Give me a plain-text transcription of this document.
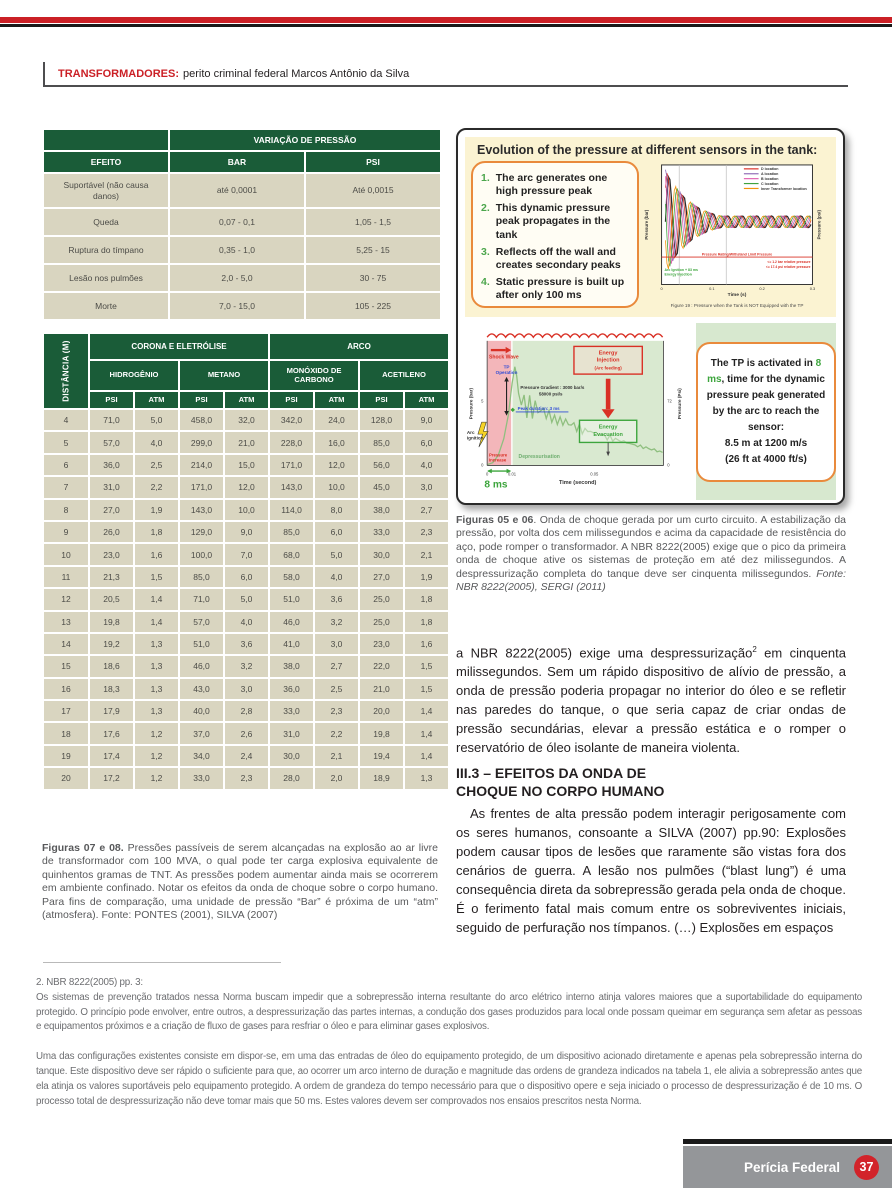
TRANSFORMADORES: perito criminal federal Marcos Antônio da Silva
	VARIAÇÃO DE PRESSÃO	
EFEITO	BAR	PSI
Suportável (não causa danos)	até 0,0001	Até 0,0015
Queda	0,07 - 0,1	1,05 - 1,5
Ruptura do tímpano	0,35 - 1,0	5,25 - 15
Lesão nos pulmões	2,0 - 5,0	30 - 75
Morte	7,0 - 15,0	105 - 225
DISTÂNCIA (M)	CORONA E ELETRÓLISE				ARCO			
	HIDROGÊNIO		METANO		MONÓXIDO DE CARBONO		ACETILENO	
	PSI	ATM	PSI	ATM	PSI	ATM	PSI	ATM
4	71,0	5,0	458,0	32,0	342,0	24,0	128,0	9,0
5	57,0	4,0	299,0	21,0	228,0	16,0	85,0	6,0
6	36,0	2,5	214,0	15,0	171,0	12,0	56,0	4,0
7	31,0	2,2	171,0	12,0	143,0	10,0	45,0	3,0
8	27,0	1,9	143,0	10,0	114,0	8,0	38,0	2,7
9	26,0	1,8	129,0	9,0	85,0	6,0	33,0	2,3
10	23,0	1,6	100,0	7,0	68,0	5,0	30,0	2,1
11	21,3	1,5	85,0	6,0	58,0	4,0	27,0	1,9
12	20,5	1,4	71,0	5,0	51,0	3,6	25,0	1,8
13	19,8	1,4	57,0	4,0	46,0	3,2	25,0	1,8
14	19,2	1,3	51,0	3,6	41,0	3,0	23,0	1,6
15	18,6	1,3	46,0	3,2	38,0	2,7	22,0	1,5
16	18,3	1,3	43,0	3,0	36,0	2,5	21,0	1,5
17	17,9	1,3	40,0	2,8	33,0	2,3	20,0	1,4
18	17,6	1,2	37,0	2,6	31,0	2,2	19,8	1,4
19	17,4	1,2	34,0	2,4	30,0	2,1	19,4	1,4
20	17,2	1,2	33,0	2,3	28,0	2,0	18,9	1,3

Figuras 07 e 08. Pressões passíveis de serem alcançadas na explosão ao ar livre de transformador com 100 MVA, o qual pode ter carga explosiva equivalente de quinhentos gramas de TNT. As pressões podem aumentar ainda mais se ocorrerem em ambiente confinado. Notar os efeitos da onda de choque sobre o corpo humano. Para fins de comparação, uma unidade de pressão “Bar” é próxima de um “atm” (atmosfera). Fonte: PONTES (2001), SILVA (2007)

Evolution of the pressure at different sensors in the tank:
1. The arc generates one high pressure peak
2. This dynamic pressure peak propagates in the tank
3. Reflects off the wall and creates secondary peaks
4. Static pressure is built up after only 100 ms
Pressure Rating/Withstand Limit Pressure
<= 1.2 bar relative pressure
<= 17.4 psi relative pressure
Arc Ignition + 83 ms
Energy Injection
D location
A location
B location
C location
Inner Transformer location
0	0.1	0.2	0.3
Time (s)
Pressure (bar)	Pressure (psi)
Figure 19 : Pressure when the Tank is NOT Equipped with the TP
Shock Wave
TP
Operation
Pressure Gradient : 3000 bar/s
58000 psi/s
Peak duration: 3 ms
Energy
Injection
(Arc feeding)
Energy
Evacuation
Arc
Ignition
Pressure
Increase Depressurisation
8 ms
0	0.01	0.05
Time (second)
5
0
72
0
Pressure (bar)	Pressure (Psi)
The TP is activated in 8 ms, time for the dynamic pressure peak generated by the arc to reach the sensor:
8.5 m at 1200 m/s
(26 ft at 4000 ft/s)

Figuras 05 e 06. Onda de choque gerada por um curto circuito. A estabilização da pressão, por volta dos cem milissegundos e acima da capacidade de resistência do aço, pode romper o transformador. A NBR 8222(2005) exige que o pico da primeira onda de choque ative os sistemas de proteção em até dez milissegundos. A despressurização completa do tanque deve ser cinquenta milissegundos. Fonte: NBR 8222(2005), SERGI (2011)

a NBR 8222(2005) exige uma despressurização$^2$ em cinquenta milissegundos. Sem um rápido dispositivo de alívio de pressão, a onda de pressão poderia propagar no interior do óleo e se refletir nas paredes do tanque, o que seria capaz de criar ondas de pressão secundárias, elevar a pressão estática e o romper o reservatório de óleo isolante de maneira violenta.

III.3 – EFEITOS DA ONDA DE
CHOQUE NO CORPO HUMANO

As frentes de alta pressão podem interagir perigosamente com os seres humanos, consoante a SILVA (2007) pp.90: Explosões podem causar tipos de lesões que raramente são vistas fora dos cenários de guerra. A lesão nos pulmões (“blast lung”) é uma consequência direta da sobrepressão gerada pela onda de choque. É o ferimento fatal mais comum entre os sobreviventes iniciais, seguido de perfuração nos tímpanos. (…) Explosões em espaços

2. NBR 8222(2005) pp. 3:

Os sistemas de prevenção tratados nessa Norma buscam impedir que a sobrepressão interna resultante do arco elétrico interno atinja valores maiores que a suportabilidade do equipamento protegido. O princípio pode envolver, entre outros, a despressurização das partes internas, a condução dos gases produzidos para local onde possam queimar em segurança sem afetar as pessoas e equipamentos próximos e a criação de fluxo de gases para resfriar o óleo e para eliminar gases explosivos.

Uma das configurações existentes consiste em dispor-se, em uma das entradas de óleo do equipamento protegido, de um dispositivo acionado diretamente e apenas pela sobrepressão interna do tanque. Este dispositivo deve ser rápido o suficiente para que, ao ocorrer um arco interno de duração e magnitude das ordens de grandeza indicados na tabela 1, ele alivia a sobrepressão antes que ela atinja os valores suportáveis pelo equipamento protegido. A ordem de grandeza do tempo necessário para que o dispositivo opere e seja iniciado o processo de despressurização é de 10 ms. O processo total de despressurização não deve tomar mais que 50 ms. Estes valores devem ser comprovados nos ensaios prescritos nesta Norma.

Perícia Federal	37
